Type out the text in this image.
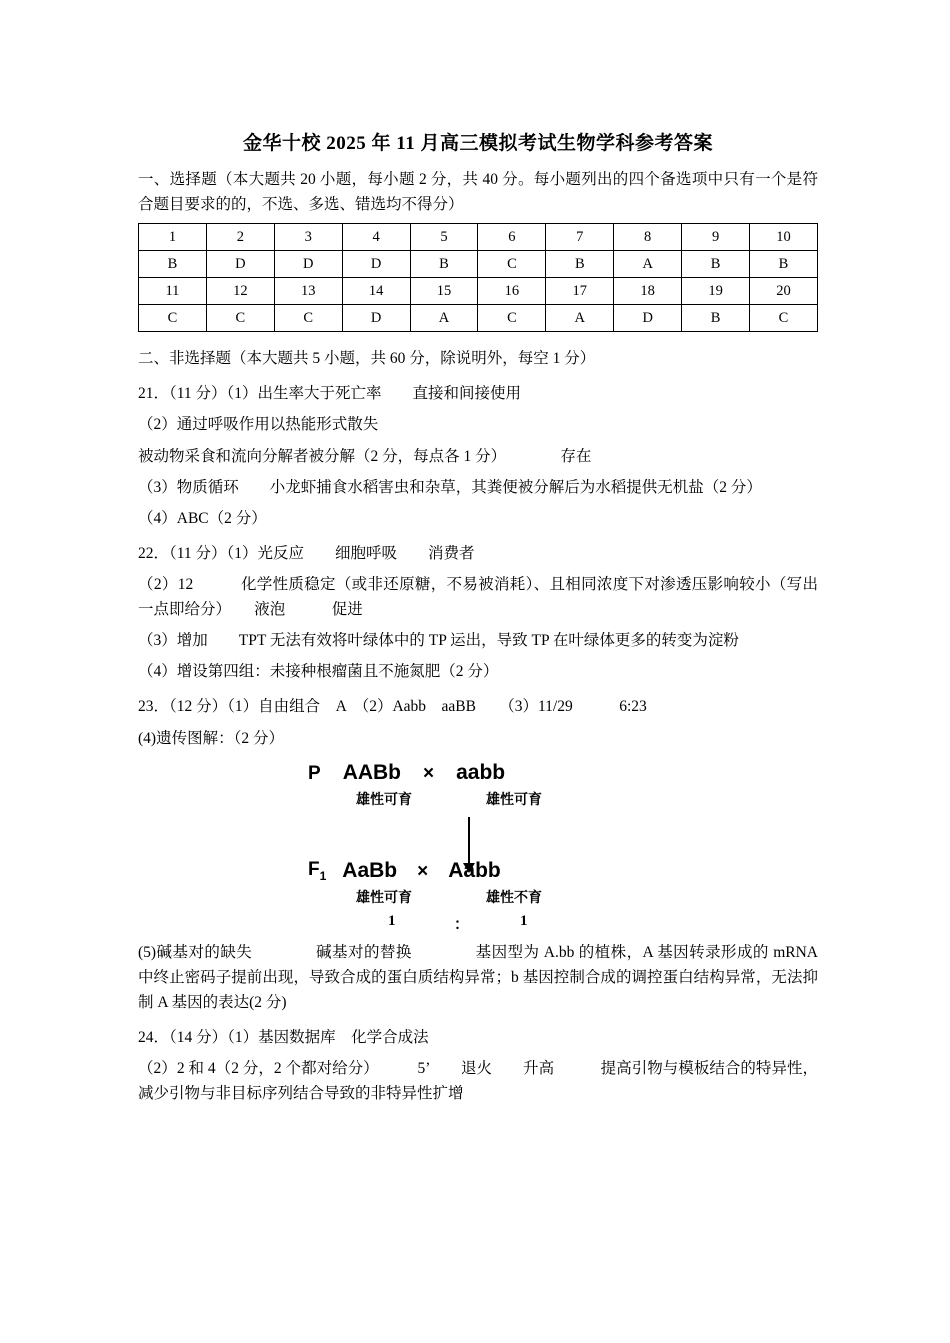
金华十校 2025 年 11 月高三模拟考试生物学科参考答案
一、选择题（本大题共 20 小题，每小题 2 分，共 40 分。每小题列出的四个备选项中只有一个是符合题目要求的的，不选、多选、错选均不得分）
1	2	3	4	5	6	7	8	9	10
B	D	D	D	B	C	B	A	B	B
11	12	13	14	15	16	17	18	19	20
C	C	C	D	A	C	A	D	B	C
二、非选择题（本大题共 5 小题，共 60 分，除说明外，每空 1 分）
21．（11 分）（1）出生率大于死亡率　　直接和间接使用
（2）通过呼吸作用以热能形式散失
被动物采食和流向分解者被分解（2 分，每点各 1 分）　　　　存在
（3）物质循环　　小龙虾捕食水稻害虫和杂草，其粪便被分解后为水稻提供无机盐（2 分）
（4）ABC（2 分）
22．（11 分）（1）光反应　　细胞呼吸　　消费者
（2）12　　　化学性质稳定（或非还原糖，不易被消耗）、且相同浓度下对渗透压影响较小（写出一点即给分）　　液泡　　　促进
（3）增加　　TPT 无法有效将叶绿体中的 TP 运出，导致 TP 在叶绿体更多的转变为淀粉
（4）增设第四组：未接种根瘤菌且不施氮肥（2 分）
23．（12 分）（1）自由组合　A　（2）Aabb　aaBB　　（3）11/29　　　6:23
(4)遗传图解：（2 分）
P AABb × aabb
雄性可育	雄性可育
$F_1$ AaBb × Aabb
雄性可育	雄性不育
1	：	1
(5)碱基对的缺失　　　　碱基对的替换　　　　基因型为 A.bb 的植株，A 基因转录形成的 mRNA 中终止密码子提前出现，导致合成的蛋白质结构异常；b 基因控制合成的调控蛋白结构异常，无法抑制 A 基因的表达(2 分)
24．（14 分）（1）基因数据库　化学合成法
（2）2 和 4（2 分，2 个都对给分）　　　5’　　退火　　升高　　　提高引物与模板结合的特异性，减少引物与非目标序列结合导致的非特异性扩增
